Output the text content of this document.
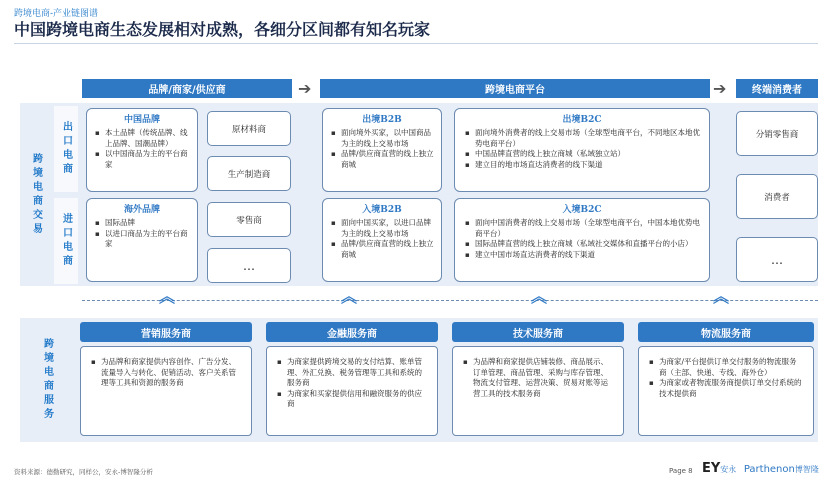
跨境电商-产业链图谱
中国跨境电商生态发展相对成熟，各细分区间都有知名玩家
品牌/商家/供应商	➔	跨境电商平台	➔	终端消费者
跨境电商交易
出口电商
中国品牌
▪ 本土品牌（传统品牌、线上品牌、国潮品牌）
▪ 以中国商品为主的平台商家
原材料商
生产制造商
出境B2B
▪ 面向境外买家，以中国商品为主的线上交易市场
▪ 品牌/供应商直营的线上独立商城
出境B2C
▪ 面向境外消费者的线上交易市场（全球型电商平台，不同地区本地优势电商平台）
▪ 中国品牌直营的线上独立商城（私域独立站）
▪ 建立目的地市场直达消费者的线下渠道
分销零售商
进口电商
海外品牌
▪ 国际品牌
▪ 以进口商品为主的平台商家
零售商
…
入境B2B
▪ 面向中国买家，以进口品牌为主的线上交易市场
▪ 品牌/供应商直营的线上独立商城
入境B2C
▪ 面向中国消费者的线上交易市场（全球型电商平台，中国本地优势电商平台）
▪ 国际品牌直营的线上独立商城（私域社交媒体和直播平台的小店）
▪ 建立中国市场直达消费者的线下渠道
消费者
…
︽	︽	︽	︽
跨境电商服务
营销服务商
▪ 为品牌和商家提供内容创作、广告分发、流量导入与转化、促销活动、客户关系管理等工具和资源的服务商
金融服务商
▪ 为商家提供跨境交易的支付结算、账单管理、外汇兑换、税务管理等工具和系统的服务商
▪ 为商家和买家提供信用和融资服务的供应商
技术服务商
▪ 为品牌和商家提供店铺装修、商品展示、订单管理、商品管理、采购与库存管理、物流支付管理、运营决策、贸易对账等运营工具的技术服务商
物流服务商
▪ 为商家/平台提供订单交付服务的物流服务商（主部、快递、专线、海外仓）
▪ 为商家或者物流服务商提供订单交付系统的技术提供商
资料来源：德勤研究，同样公，安永-博智隆分析	Page 8 EY安永 Parthenon博智隆
